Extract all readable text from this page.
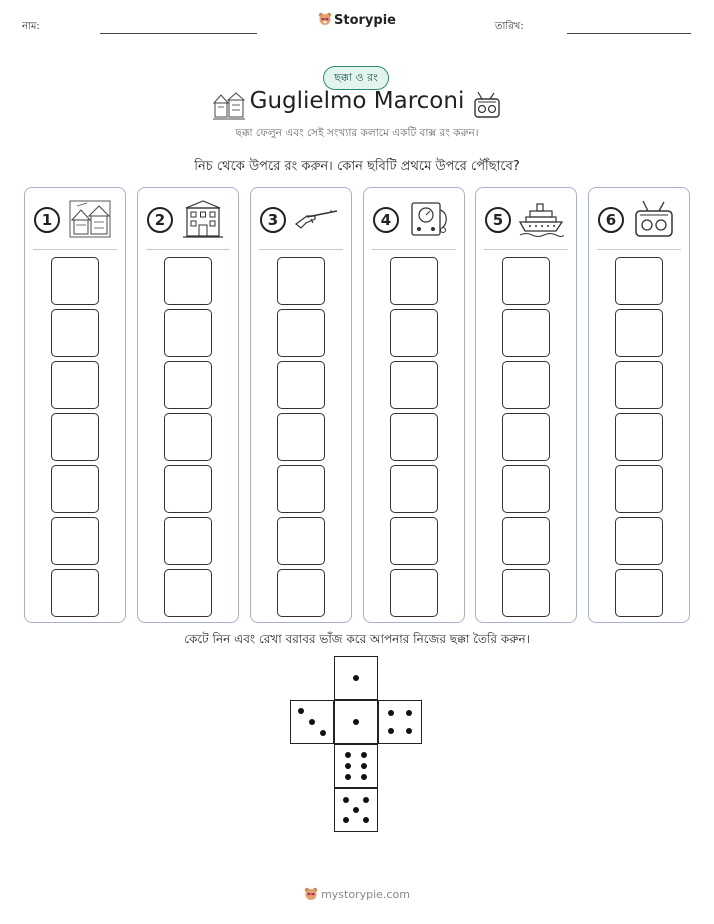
নাম:	Storypie	তারিখ:
ছক্কা ও রং
Guglielmo Marconi
ছক্কা ফেলুন এবং সেই সংখ্যার কলামে একটি বাক্স রং করুন।
নিচ থেকে উপরে রং করুন। কোন ছবিটি প্রথমে উপরে পৌঁছাবে?
1	2	3	4	5	6
কেটে নিন এবং রেখা বরাবর ভাঁজ করে আপনার নিজের ছক্কা তৈরি করুন।
mystorypie.com
